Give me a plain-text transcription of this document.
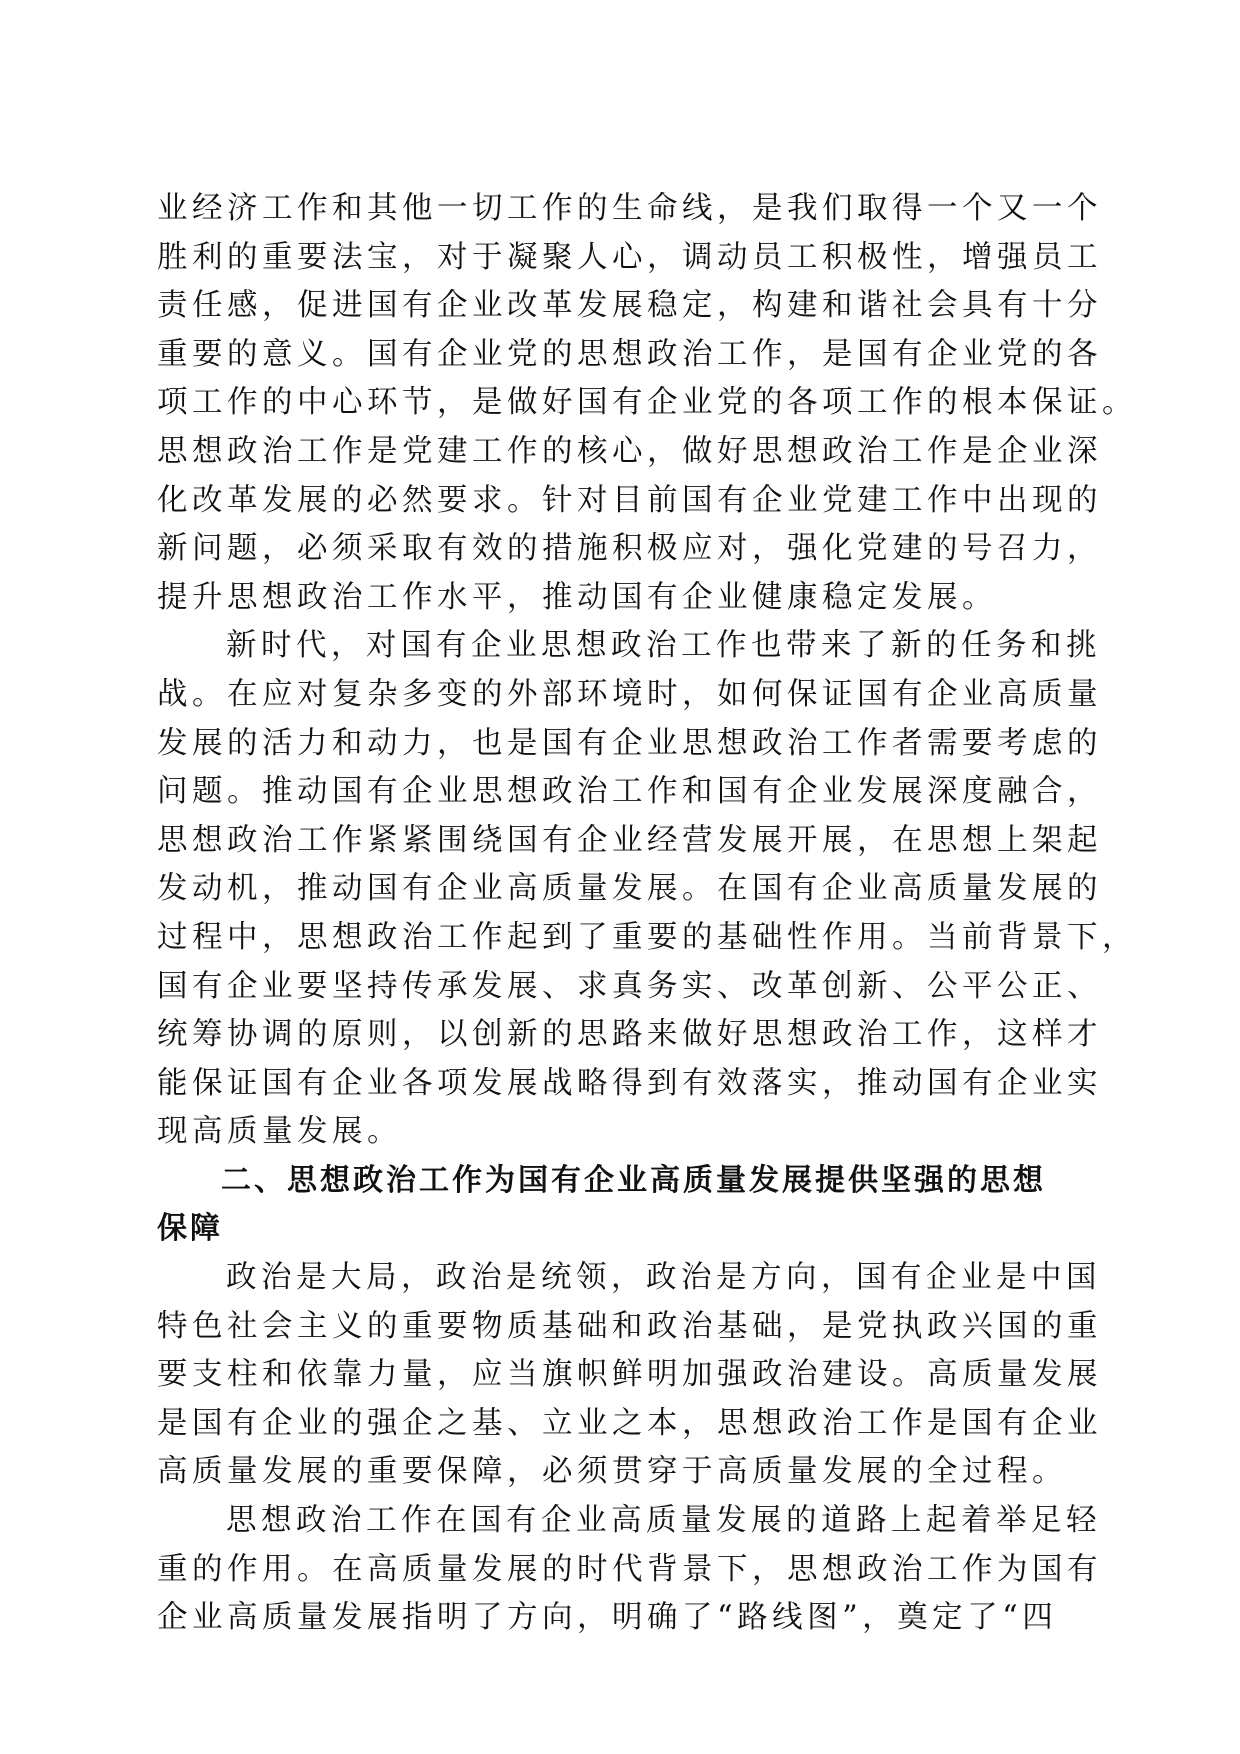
业经济工作和其他一切工作的生命线，是我们取得一个又一个
胜利的重要法宝，对于凝聚人心，调动员工积极性，增强员工
责任感，促进国有企业改革发展稳定，构建和谐社会具有十分
重要的意义。国有企业党的思想政治工作，是国有企业党的各
项工作的中心环节，是做好国有企业党的各项工作的根本保证。
思想政治工作是党建工作的核心，做好思想政治工作是企业深
化改革发展的必然要求。针对目前国有企业党建工作中出现的
新问题，必须采取有效的措施积极应对，强化党建的号召力，
提升思想政治工作水平，推动国有企业健康稳定发展。
新时代，对国有企业思想政治工作也带来了新的任务和挑
战。在应对复杂多变的外部环境时，如何保证国有企业高质量
发展的活力和动力，也是国有企业思想政治工作者需要考虑的
问题。推动国有企业思想政治工作和国有企业发展深度融合，
思想政治工作紧紧围绕国有企业经营发展开展，在思想上架起
发动机，推动国有企业高质量发展。在国有企业高质量发展的
过程中，思想政治工作起到了重要的基础性作用。当前背景下，
国有企业要坚持传承发展、求真务实、改革创新、公平公正、
统筹协调的原则，以创新的思路来做好思想政治工作，这样才
能保证国有企业各项发展战略得到有效落实，推动国有企业实
现高质量发展。
二、思想政治工作为国有企业高质量发展提供坚强的思想
保障
政治是大局，政治是统领，政治是方向，国有企业是中国
特色社会主义的重要物质基础和政治基础，是党执政兴国的重
要支柱和依靠力量，应当旗帜鲜明加强政治建设。高质量发展
是国有企业的强企之基、立业之本，思想政治工作是国有企业
高质量发展的重要保障，必须贯穿于高质量发展的全过程。
思想政治工作在国有企业高质量发展的道路上起着举足轻
重的作用。在高质量发展的时代背景下，思想政治工作为国有
企业高质量发展指明了方向，明确了“路线图”，奠定了“四
